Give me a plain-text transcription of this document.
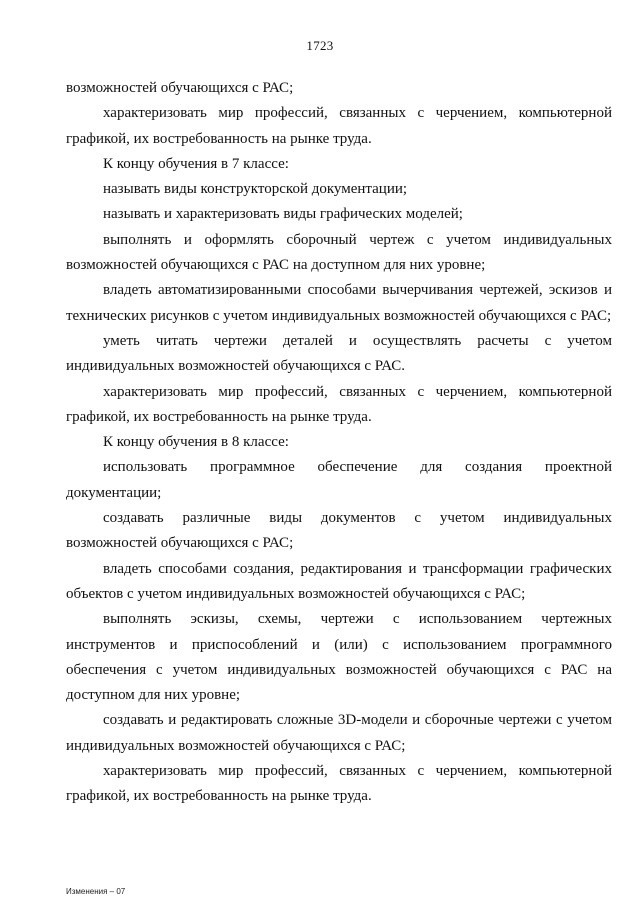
1723

возможностей обучающихся с РАС;

характеризовать мир профессий, связанных с черчением, компьютерной графикой, их востребованность на рынке труда.

К концу обучения в 7 классе:

называть виды конструкторской документации;

называть и характеризовать виды графических моделей;

выполнять и оформлять сборочный чертеж с учетом индивидуальных возможностей обучающихся с РАС на доступном для них уровне;

владеть автоматизированными способами вычерчивания чертежей, эскизов и технических рисунков с учетом индивидуальных возможностей обучающихся с РАС;

уметь читать чертежи деталей и осуществлять расчеты с учетом индивидуальных возможностей обучающихся с РАС.

характеризовать мир профессий, связанных с черчением, компьютерной графикой, их востребованность на рынке труда.

К концу обучения в 8 классе:

использовать программное обеспечение для создания проектной документации;

создавать различные виды документов с учетом индивидуальных возможностей обучающихся с РАС;

владеть способами создания, редактирования и трансформации графических объектов с учетом индивидуальных возможностей обучающихся с РАС;

выполнять эскизы, схемы, чертежи с использованием чертежных инструментов и приспособлений и (или) с использованием программного обеспечения с учетом индивидуальных возможностей обучающихся с РАС на доступном для них уровне;

создавать и редактировать сложные 3D-модели и сборочные чертежи с учетом индивидуальных возможностей обучающихся с РАС;

характеризовать мир профессий, связанных с черчением, компьютерной графикой, их востребованность на рынке труда.

Изменения – 07
